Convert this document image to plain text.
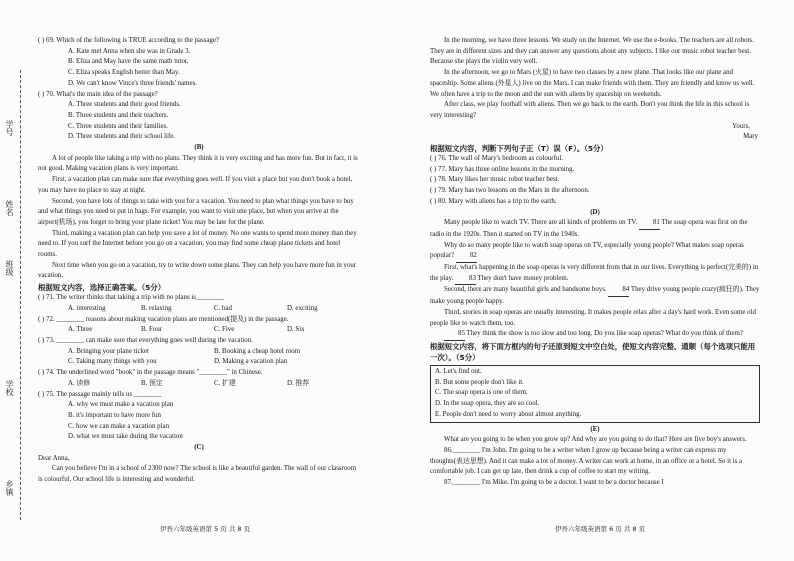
学号
姓名
班级
学校
乡镇

( ) 69. Which of the following is TRUE according to the passage?

A. Kate met Anna when she was in Grade 3.

B. Eliza and May have the same math tutor.

C. Eliza speaks English better than May.

D. We can't know Vince's three friends' names.

( ) 70. What's the main idea of the passage?

A. Three students and their good friends.

B. Three students and their teachers.

C. Three students and their families.

D. Three students and their school life.

(B)

A lot of people like taking a trip with no plans. They think it is very exciting and has more fun. But in fact, it is not good. Making vacation plans is very important.

First, a vacation plan can make sure that everything goes well. If you visit a place but you don't book a hotel, you may have no place to stay at night.

Second, you have lots of things to take with you for a vacation. You need to plan what things you have to buy and what things you need to put in bags. For example, you want to visit one place, but when you arrive at the airport(机场), you forget to bring your plane ticket! You may be late for the plane.

Third, making a vacation plan can help you save a lot of money. No one wants to spend more money than they need to. If you surf the Internet before you go on a vacation, you may find some cheap plane tickets and hotel rooms.

Next time when you go on a vacation, try to write down some plans. They can help you have more fun in your vacation.

根据短文内容，选择正确答案。（5分）

( ) 71. The writer thinks that taking a trip with no plans is________

A. interesting	B. relaxing	C. bad	D. exciting

( ) 72. ________ reasons about making vacation plans are mentioned(提及) in the passage.

A. Three	B. Four	C. Five	D. Six

( ) 73. ________ can make sure that everything goes well during the vacation.

A. Bringing your plane ticket	B. Booking a cheap hotel room
C. Taking many things with you	D. Making a vacation plan

( ) 74. The underlined word "book" in the passage means "________" in Chinese.

A. 读修	B. 预定	C. 扩建	D. 推荐

( ) 75. The passage mainly tells us ________

A. why we must make a vacation plan

B. it's important to have more fun

C. how we can make a vacation plan

D. what we must take during the vacation

(C)

Dear Anna,

Can you believe I'm in a school of 2300 now? The school is like a beautiful garden. The wall of our classroom is colourful. Our school life is interesting and wonderful.

伊吾六年级英语第 5 页 共 8 页

In the morning, we have three lessons. We study on the Internet. We use the e-books. The teachers are all robots. They are in different sizes and they can answer any questions about any subjects. I like our music robot teacher best. Because she plays the violin very well.

In the afternoon, we go to Mars (火星) to have two classes by a new plane. That looks like our plane and spaceship. Some aliens (外星人) live on the Mars. I can make friends with them. They are friendly and know us well. We often have a trip to the moon and the sun with aliens by spaceship on weekends.

After class, we play football with aliens. Then we go back to the earth. Don't you think the life in this school is very interesting?

Yours,

Mary

根据短文内容，判断下列句子正（T）误（F）。（5分）

( ) 76. The wall of Mary's bedroom as colourful.

( ) 77. Mary has three online lessons in the morning.

( ) 78. Mary likes her music robot teacher best.

( ) 79. Mary has two lessons on the Mars in the afternoon.

( ) 80. Mary with aliens has a trip to the earth.

(D)

Many people like to watch TV. There are all kinds of problems on TV. 81 The soap opera was first on the radio in the 1920s. Then it started on TV in the 1940s.

Why do so many people like to watch soap operas on TV, especially young people? What makes soap operas popular? 82

First, what's happening in the soap operas is very different from that in our lives. Everything is perfect(完美的) in the play. 83 They don't have money problem.

Second, there are many beautiful girls and handsome boys. 84 They drive young people crazy(疯狂的). They make young people happy.

Third, stories in soap operas are usually interesting. It makes people relax after a day's hard work. Even some old people like to watch them, too.

85 They think the show is too slow and too long. Do you like soap operas? What do you think of them?

根据短文内容，将下面方框内的句子还原到短文中空白处，使短文内容完整、通顺（每个选项只能用一次）。（5分）

A. Let's find out.

B. But some people don't like it.

C. The soap opera is one of them.

D. In the soap opera, they are so cool.

E. People don't need to worry about almost anything.

(E)

What are you going to be when you grow up? And why are you going to do that? Here are five boy's answers.

86.________ I'm John. I'm going to be a writer when I grow up because being a writer can express my thoughts(表达思想). And it can make a lot of money. A writer can work at home, in an office or a hotel. So it is a comfortable job. I can get up late, then drink a cup of coffee to start my writing.

87.________ I'm Mike. I'm going to be a doctor. I want to be a doctor because I

伊吾六年级英语第 6 页 共 8 页
